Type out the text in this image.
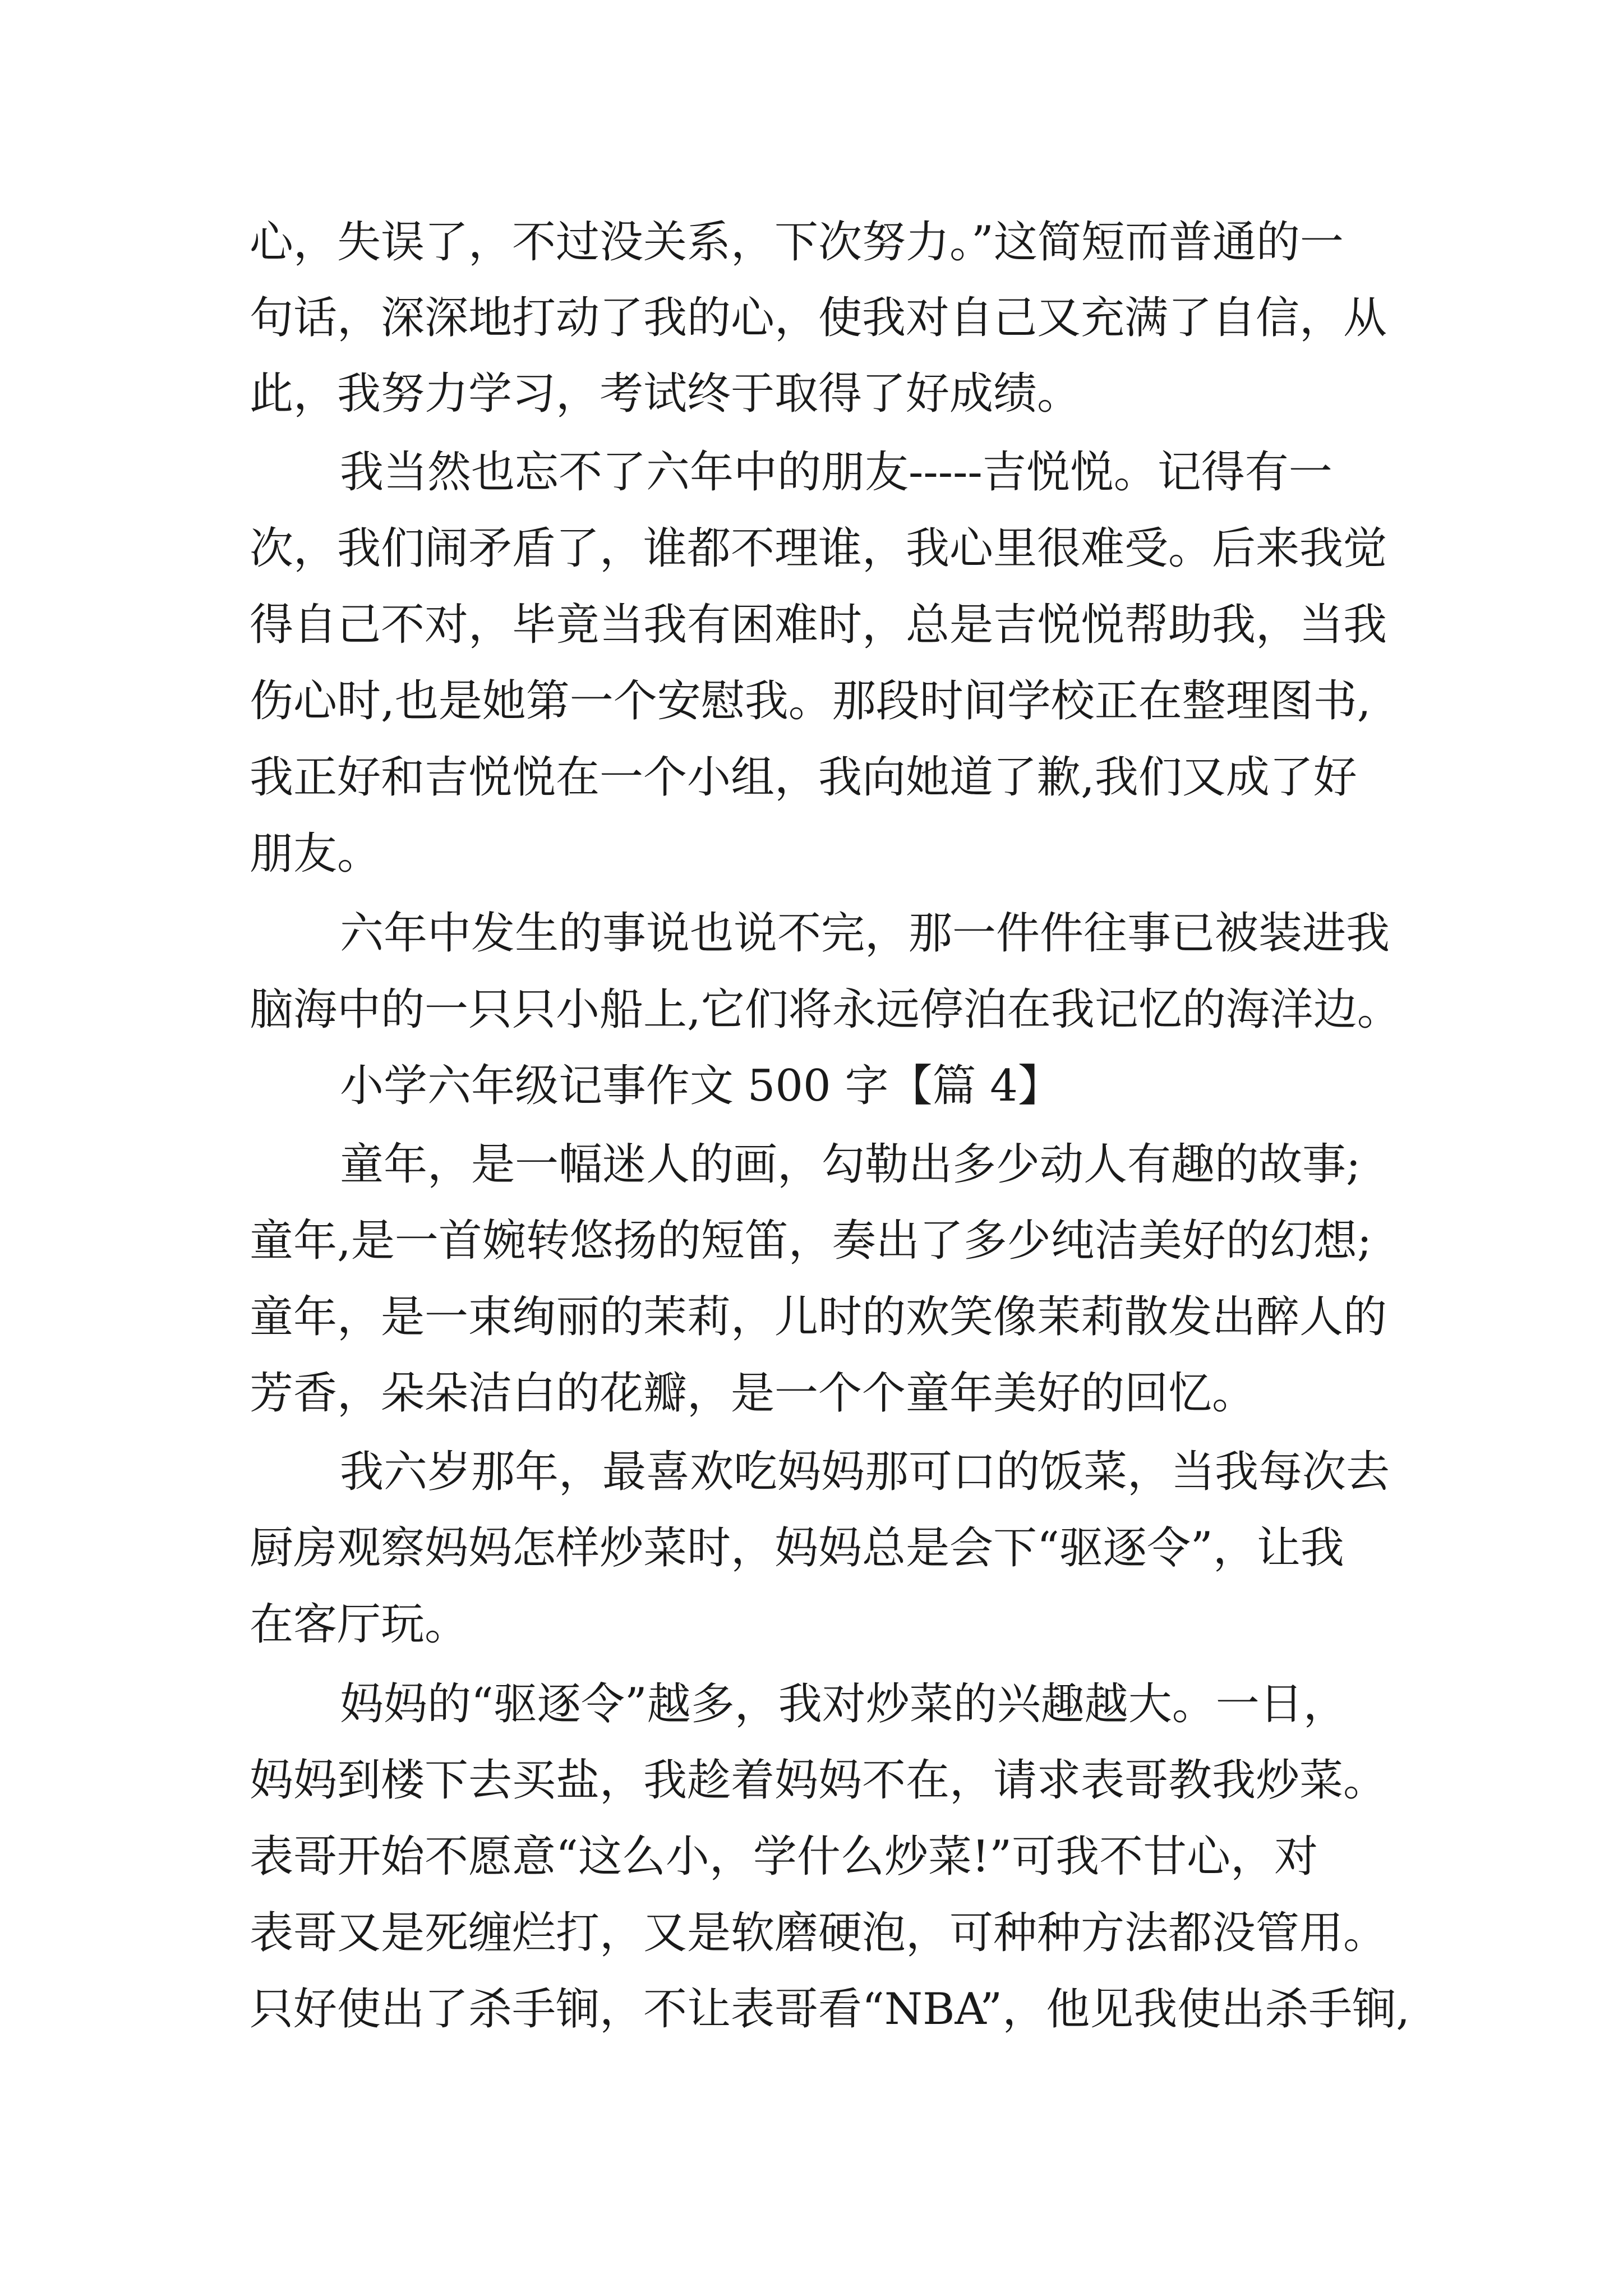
心，失误了，不过没关系，下次努力。”这简短而普通的一

句话，深深地打动了我的心，使我对自己又充满了自信，从

此，我努力学习，考试终于取得了好成绩。

我当然也忘不了六年中的朋友-----吉悦悦。记得有一

次，我们闹矛盾了，谁都不理谁，我心里很难受。后来我觉

得自己不对，毕竟当我有困难时，总是吉悦悦帮助我，当我

伤心时,也是她第一个安慰我。那段时间学校正在整理图书,

我正好和吉悦悦在一个小组，我向她道了歉,我们又成了好

朋友。

六年中发生的事说也说不完，那一件件往事已被装进我

脑海中的一只只小船上,它们将永远停泊在我记忆的海洋边。

小学六年级记事作文 500 字【篇 4】

童年，是一幅迷人的画，勾勒出多少动人有趣的故事;

童年,是一首婉转悠扬的短笛，奏出了多少纯洁美好的幻想;

童年，是一束绚丽的茉莉，儿时的欢笑像茉莉散发出醉人的

芳香，朵朵洁白的花瓣，是一个个童年美好的回忆。

我六岁那年，最喜欢吃妈妈那可口的饭菜，当我每次去

厨房观察妈妈怎样炒菜时，妈妈总是会下“驱逐令”，让我

在客厅玩。

妈妈的“驱逐令”越多，我对炒菜的兴趣越大。一日，

妈妈到楼下去买盐，我趁着妈妈不在，请求表哥教我炒菜。

表哥开始不愿意“这么小，学什么炒菜!”可我不甘心，对

表哥又是死缠烂打，又是软磨硬泡，可种种方法都没管用。

只好使出了杀手锏，不让表哥看“NBA”，他见我使出杀手锏,
